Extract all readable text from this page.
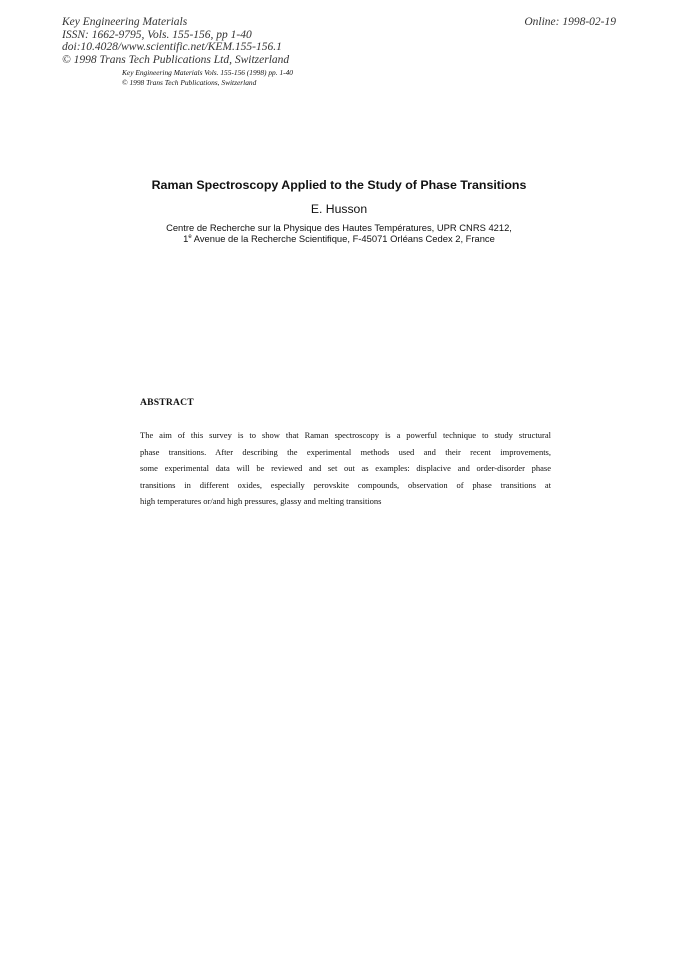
Key Engineering Materials
ISSN: 1662-9795, Vols. 155-156, pp 1-40
doi:10.4028/www.scientific.net/KEM.155-156.1
© 1998 Trans Tech Publications Ltd, Switzerland
Online: 1998-02-19
Key Engineering Materials Vols. 155-156 (1998) pp. 1-40
© 1998 Trans Tech Publications, Switzerland
Raman Spectroscopy Applied to the Study of Phase Transitions
E. Husson
Centre de Recherche sur la Physique des Hautes Températures, UPR CNRS 4212,
1e Avenue de la Recherche Scientifique, F-45071 Orléans Cedex 2, France
ABSTRACT
The aim of this survey is to show that Raman spectroscopy is a powerful technique to study structural
phase transitions. After describing the experimental methods used and their recent improvements,
some experimental data will be reviewed and set out as examples: displacive and order-disorder phase
transitions in different oxides, especially perovskite compounds, observation of phase transitions at
high temperatures or/and high pressures, glassy and melting transitions
